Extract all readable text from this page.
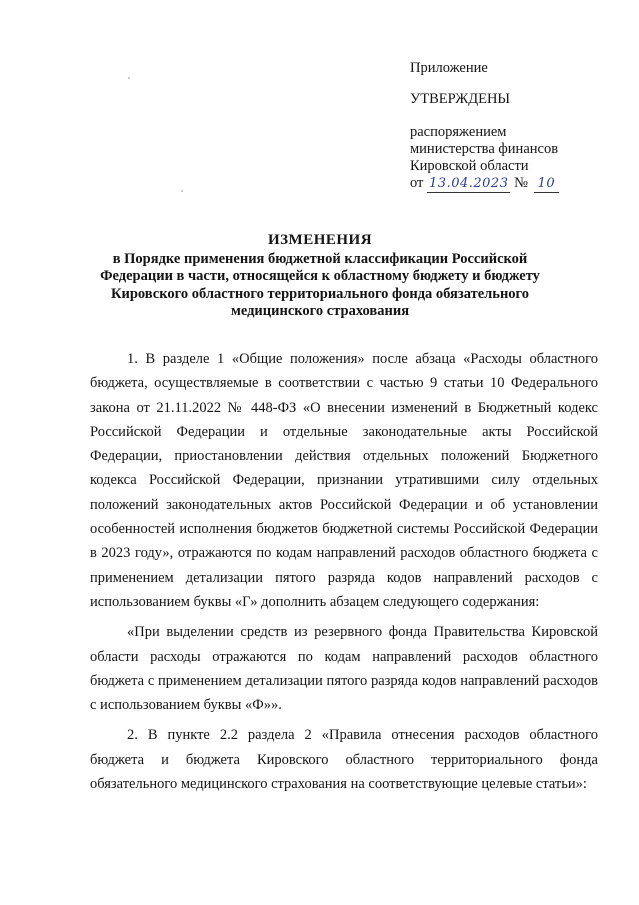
Приложение
УТВЕРЖДЕНЫ
распоряжением
министерства финансов
Кировской области
от 13.04.2023 № 10
ИЗМЕНЕНИЯ
в Порядке применения бюджетной классификации Российской Федерации в части, относящейся к областному бюджету и бюджету Кировского областного территориального фонда обязательного медицинского страхования

1. В разделе 1 «Общие положения» после абзаца «Расходы областного бюджета, осуществляемые в соответствии с частью 9 статьи 10 Федерального закона от 21.11.2022 № 448-ФЗ «О внесении изменений в Бюджетный кодекс Российской Федерации и отдельные законодательные акты Российской Федерации, приостановлении действия отдельных положений Бюджетного кодекса Российской Федерации, признании утратившими силу отдельных положений законодательных актов Российской Федерации и об установлении особенностей исполнения бюджетов бюджетной системы Российской Федерации в 2023 году», отражаются по кодам направлений расходов областного бюджета с применением детализации пятого разряда кодов направлений расходов с использованием буквы «Г» дополнить абзацем следующего содержания:

«При выделении средств из резервного фонда Правительства Кировской области расходы отражаются по кодам направлений расходов областного бюджета с применением детализации пятого разряда кодов направлений расходов с использованием буквы «Ф»».

2. В пункте 2.2 раздела 2 «Правила отнесения расходов областного бюджета и бюджета Кировского областного территориального фонда обязательного медицинского страхования на соответствующие целевые статьи»:
